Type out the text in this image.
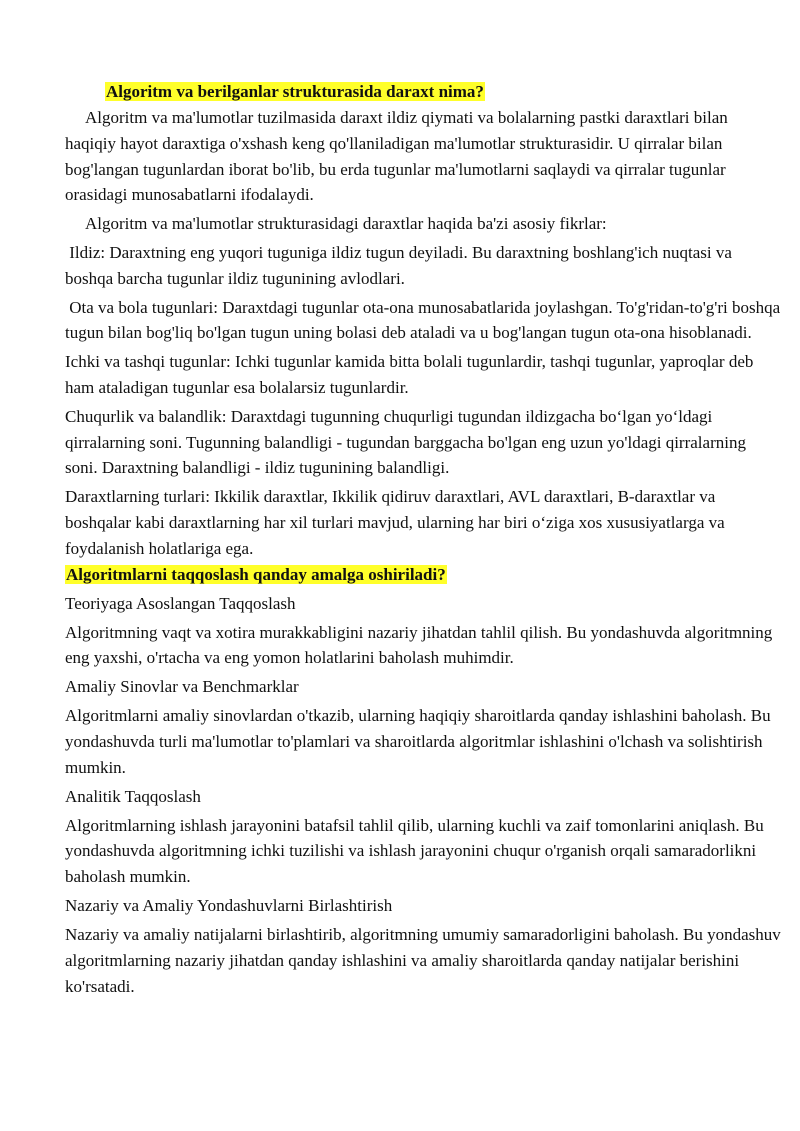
Algoritm va berilganlar strukturasida daraxt nima?

Algoritm va ma'lumotlar tuzilmasida daraxt ildiz qiymati va bolalarning pastki daraxtlari bilan haqiqiy hayot daraxtiga o'xshash keng qo'llaniladigan ma'lumotlar strukturasidir. U qirralar bilan bog'langan tugunlardan iborat bo'lib, bu erda tugunlar ma'lumotlarni saqlaydi va qirralar tugunlar orasidagi munosabatlarni ifodalaydi.

Algoritm va ma'lumotlar strukturasidagi daraxtlar haqida ba'zi asosiy fikrlar:

Ildiz: Daraxtning eng yuqori tuguniga ildiz tugun deyiladi. Bu daraxtning boshlang'ich nuqtasi va boshqa barcha tugunlar ildiz tugunining avlodlari.

Ota va bola tugunlari: Daraxtdagi tugunlar ota-ona munosabatlarida joylashgan. To'g'ridan-to'g'ri boshqa tugun bilan bog'liq bo'lgan tugun uning bolasi deb ataladi va u bog'langan tugun ota-ona hisoblanadi.

Ichki va tashqi tugunlar: Ichki tugunlar kamida bitta bolali tugunlardir, tashqi tugunlar, yaproqlar deb ham ataladigan tugunlar esa bolalarsiz tugunlardir.

Chuqurlik va balandlik: Daraxtdagi tugunning chuqurligi tugundan ildizgacha bo‘lgan yo‘ldagi qirralarning soni. Tugunning balandligi - tugundan barggacha bo'lgan eng uzun yo'ldagi qirralarning soni. Daraxtning balandligi - ildiz tugunining balandligi.

Daraxtlarning turlari: Ikkilik daraxtlar, Ikkilik qidiruv daraxtlari, AVL daraxtlari, B-daraxtlar va boshqalar kabi daraxtlarning har xil turlari mavjud, ularning har biri o‘ziga xos xususiyatlarga va foydalanish holatlariga ega.

Algoritmlarni taqqoslash qanday amalga oshiriladi?
Teoriyaga Asoslangan Taqqoslash

Algoritmning vaqt va xotira murakkabligini nazariy jihatdan tahlil qilish. Bu yondashuvda algoritmning eng yaxshi, o'rtacha va eng yomon holatlarini baholash muhimdir.

Amaliy Sinovlar va Benchmarklar

Algoritmlarni amaliy sinovlardan o'tkazib, ularning haqiqiy sharoitlarda qanday ishlashini baholash. Bu yondashuvda turli ma'lumotlar to'plamlari va sharoitlarda algoritmlar ishlashini o'lchash va solishtirish mumkin.

Analitik Taqqoslash

Algoritmlarning ishlash jarayonini batafsil tahlil qilib, ularning kuchli va zaif tomonlarini aniqlash. Bu yondashuvda algoritmning ichki tuzilishi va ishlash jarayonini chuqur o'rganish orqali samaradorlikni baholash mumkin.

Nazariy va Amaliy Yondashuvlarni Birlashtirish

Nazariy va amaliy natijalarni birlashtirib, algoritmning umumiy samaradorligini baholash. Bu yondashuv algoritmlarning nazariy jihatdan qanday ishlashini va amaliy sharoitlarda qanday natijalar berishini ko'rsatadi.
